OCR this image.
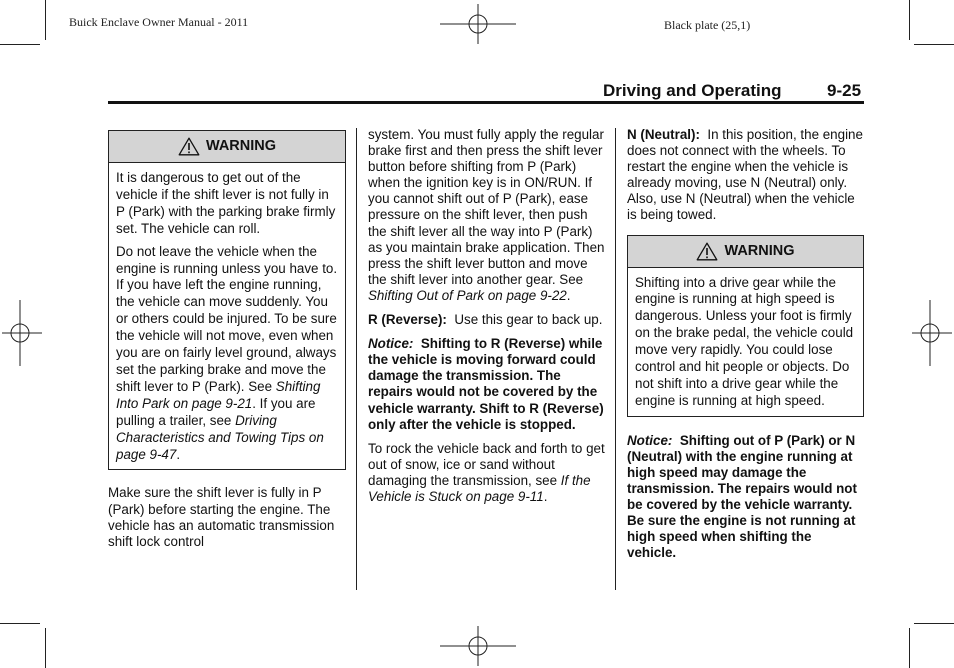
Buick Enclave Owner Manual - 2011	Black plate (25,1)
Driving and Operating	9-25
WARNING

It is dangerous to get out of the vehicle if the shift lever is not fully in P (Park) with the parking brake firmly set. The vehicle can roll.

Do not leave the vehicle when the engine is running unless you have to. If you have left the engine running, the vehicle can move suddenly. You or others could be injured. To be sure the vehicle will not move, even when you are on fairly level ground, always set the parking brake and move the shift lever to P (Park). See Shifting Into Park on page 9‑21. If you are pulling a trailer, see Driving Characteristics and Towing Tips on page 9‑47.

Make sure the shift lever is fully in P (Park) before starting the engine. The vehicle has an automatic transmission shift lock control

system. You must fully apply the regular brake first and then press the shift lever button before shifting from P (Park) when the ignition key is in ON/RUN. If you cannot shift out of P (Park), ease pressure on the shift lever, then push the shift lever all the way into P (Park) as you maintain brake application. Then press the shift lever button and move the shift lever into another gear. See Shifting Out of Park on page 9‑22.

R (Reverse): Use this gear to back up.

Notice: Shifting to R (Reverse) while the vehicle is moving forward could damage the transmission. The repairs would not be covered by the vehicle warranty. Shift to R (Reverse) only after the vehicle is stopped.

To rock the vehicle back and forth to get out of snow, ice or sand without damaging the transmission, see If the Vehicle is Stuck on page 9‑11.

N (Neutral): In this position, the engine does not connect with the wheels. To restart the engine when the vehicle is already moving, use N (Neutral) only. Also, use N (Neutral) when the vehicle is being towed.

WARNING

Shifting into a drive gear while the engine is running at high speed is dangerous. Unless your foot is firmly on the brake pedal, the vehicle could move very rapidly. You could lose control and hit people or objects. Do not shift into a drive gear while the engine is running at high speed.

Notice: Shifting out of P (Park) or N (Neutral) with the engine running at high speed may damage the transmission. The repairs would not be covered by the vehicle warranty. Be sure the engine is not running at high speed when shifting the vehicle.
